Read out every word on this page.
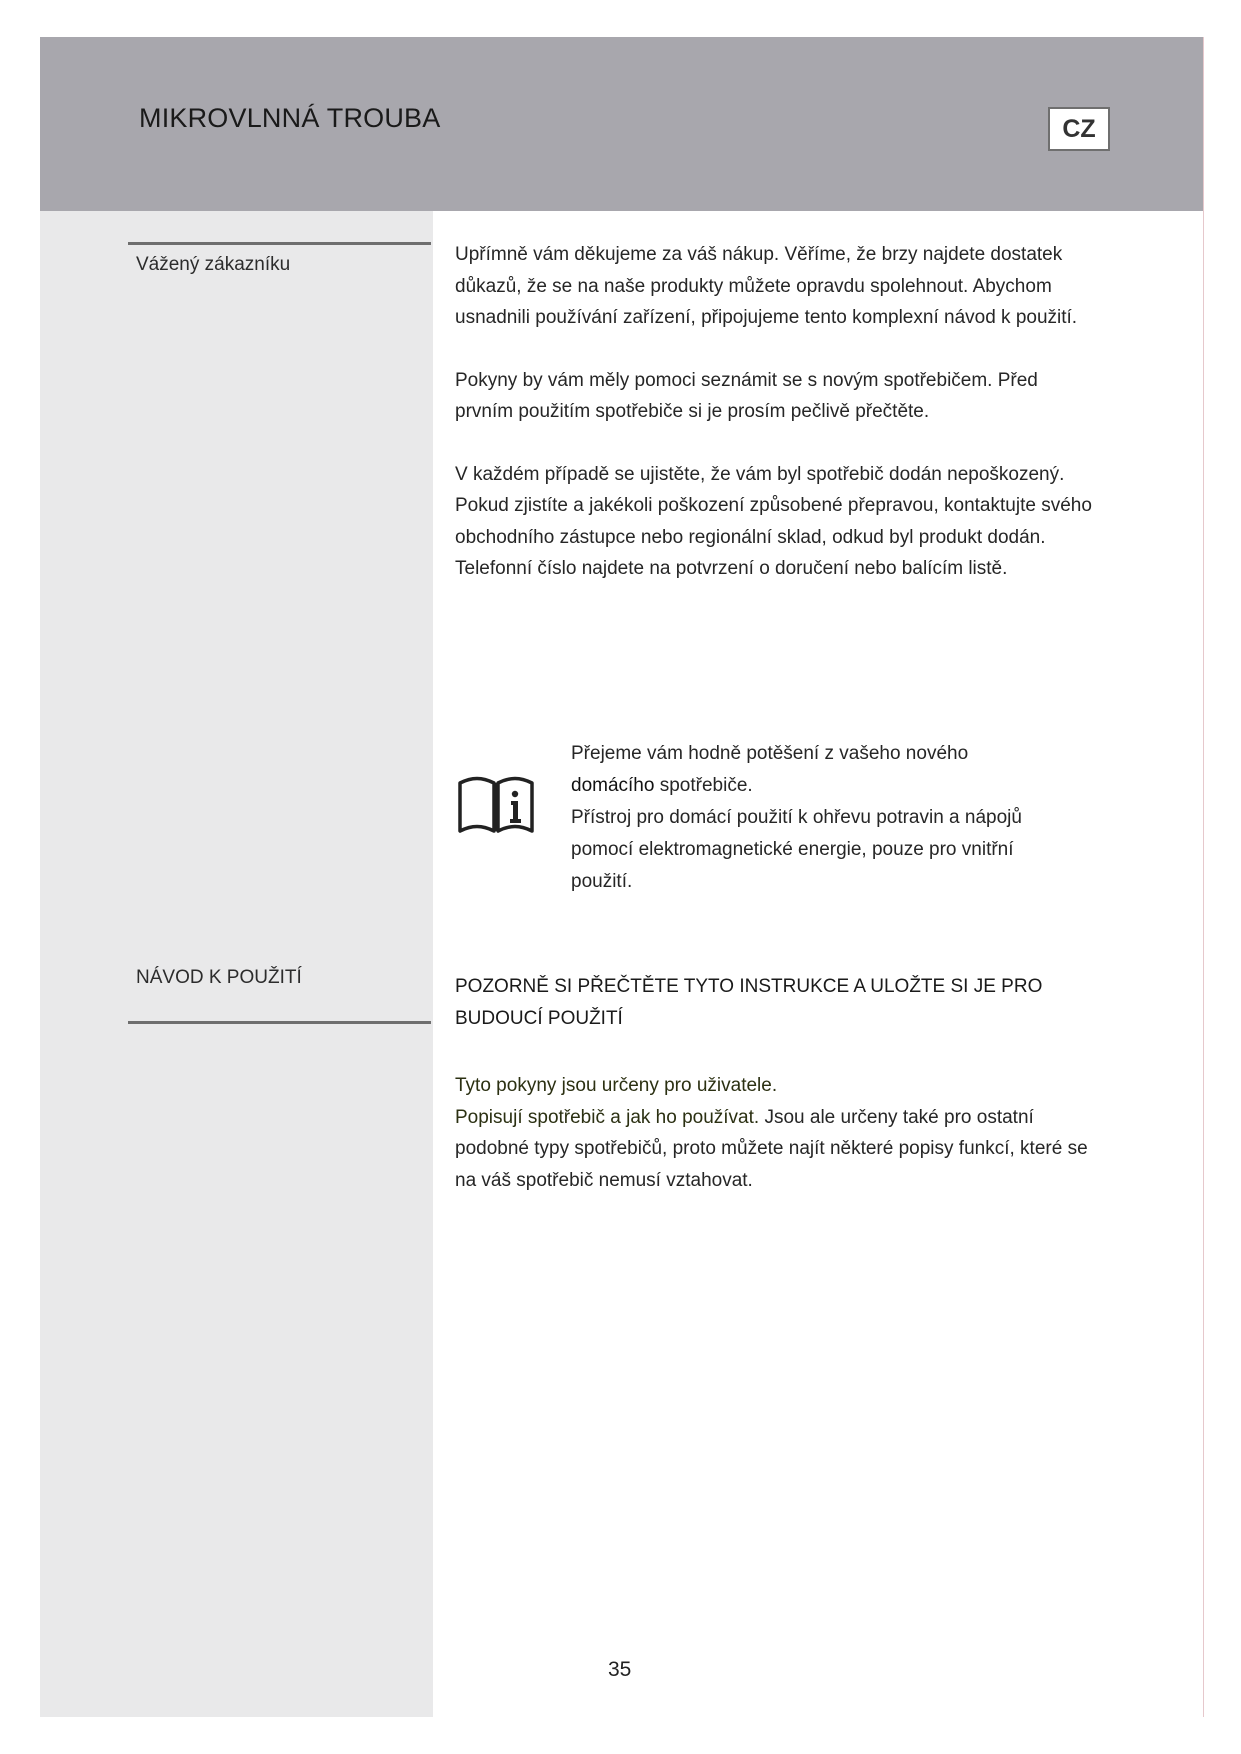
MIKROVLNNÁ TROUBA	CZ
Vážený zákazníku
NÁVOD K POUŽITÍ

Upřímně vám děkujeme za váš nákup. Věříme, že brzy najdete dostatek důkazů, že se na naše produkty můžete opravdu spolehnout. Abychom usnadnili používání zařízení, připojujeme tento komplexní návod k použití.

Pokyny by vám měly pomoci seznámit se s novým spotřebičem. Před prvním použitím spotřebiče si je prosím pečlivě přečtěte.

V každém případě se ujistěte, že vám byl spotřebič dodán nepoškozený. Pokud zjistíte a jakékoli poškození způsobené přepravou, kontaktujte svého obchodního zástupce nebo regionální sklad, odkud byl produkt dodán. Telefonní číslo najdete na potvrzení o doručení nebo balícím listě.

Přejeme vám hodně potěšení z vašeho nového

domácího spotřebiče.

Přístroj pro domácí použití k ohřevu potravin a nápojů pomocí elektromagnetické energie, pouze pro vnitřní použití.

POZORNĚ SI PŘEČTĚTE TYTO INSTRUKCE A ULOŽTE SI JE PRO BUDOUCÍ POUŽITÍ

Tyto pokyny jsou určeny pro uživatele.

Popisují spotřebič a jak ho používat. Jsou ale určeny také pro ostatní podobné typy spotřebičů, proto můžete najít některé popisy funkcí, které se na váš spotřebič nemusí vztahovat.

35
